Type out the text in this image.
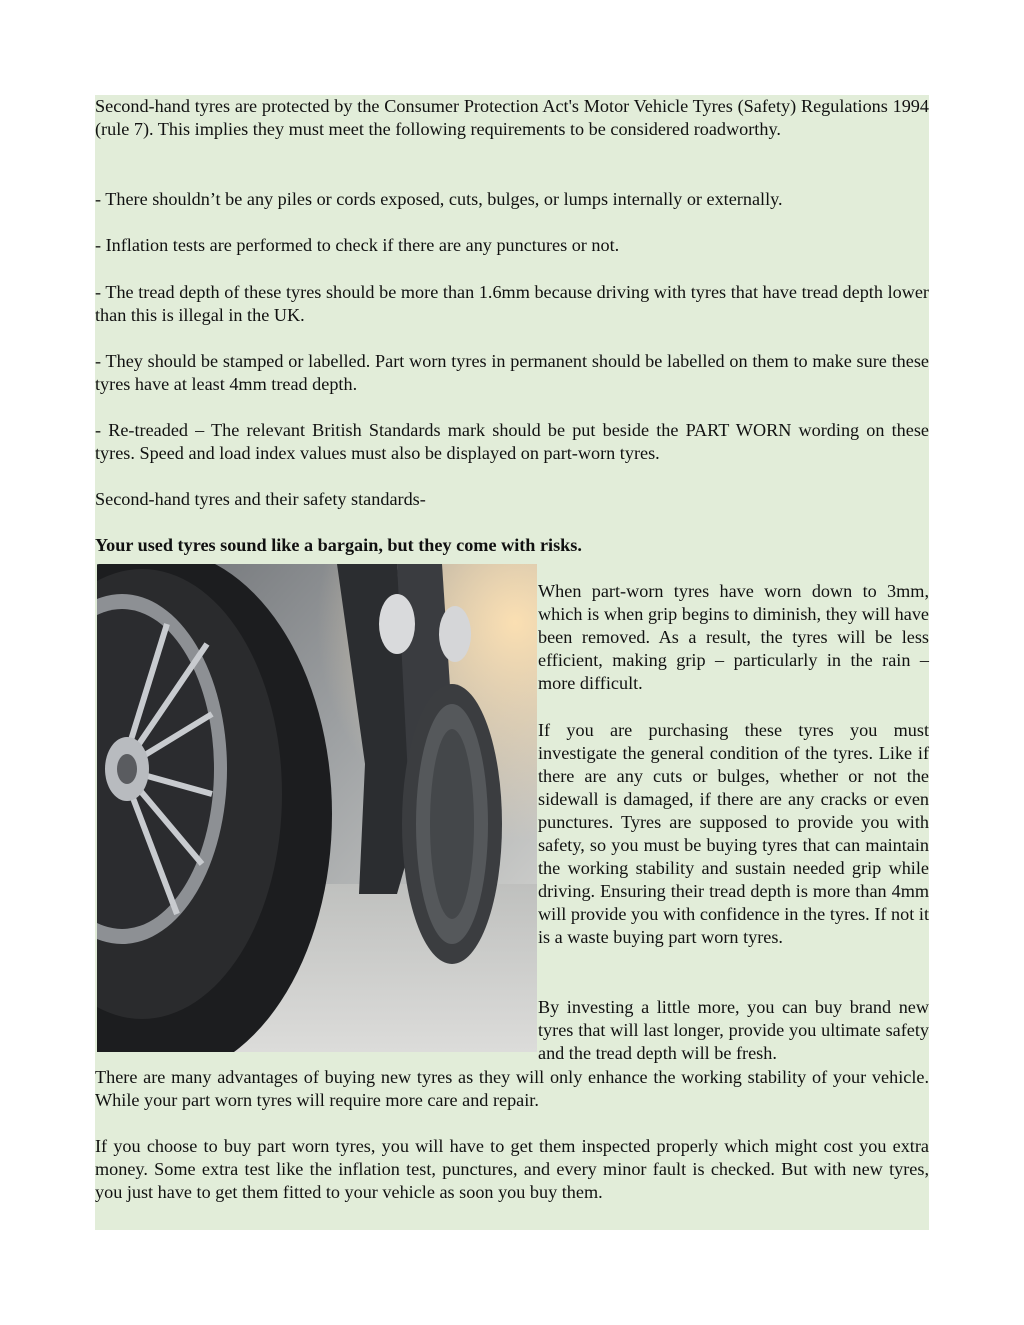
Second-hand tyres are protected by the Consumer Protection Act's Motor Vehicle Tyres (Safety) Regulations 1994 (rule 7). This implies they must meet the following requirements to be considered roadworthy.

- There shouldn’t be any piles or cords exposed, cuts, bulges, or lumps internally or externally.

- Inflation tests are performed to check if there are any punctures or not.

- The tread depth of these tyres should be more than 1.6mm because driving with tyres that have tread depth lower than this is illegal in the UK.

- They should be stamped or labelled. Part worn tyres in permanent should be labelled on them to make sure these tyres have at least 4mm tread depth.

- Re-treaded – The relevant British Standards mark should be put beside the PART WORN wording on these tyres. Speed and load index values must also be displayed on part-worn tyres.

Second-hand tyres and their safety standards-

Your used tyres sound like a bargain, but they come with risks.

When part-worn tyres have worn down to 3mm, which is when grip begins to diminish, they will have been removed. As a result, the tyres will be less efficient, making grip – particularly in the rain – more difficult.

If you are purchasing these tyres you must investigate the general condition of the tyres. Like if there are any cuts or bulges, whether or not the sidewall is damaged, if there are any cracks or even punctures. Tyres are supposed to provide you with safety, so you must be buying tyres that can maintain the working stability and sustain needed grip while driving. Ensuring their tread depth is more than 4mm will provide you with confidence in the tyres. If not it is a waste buying part worn tyres.

By investing a little more, you can buy brand new tyres that will last longer, provide you ultimate safety and the tread depth will be fresh.

There are many advantages of buying new tyres as they will only enhance the working stability of your vehicle. While your part worn tyres will require more care and repair.

If you choose to buy part worn tyres, you will have to get them inspected properly which might cost you extra money. Some extra test like the inflation test, punctures, and every minor fault is checked. But with new tyres, you just have to get them fitted to your vehicle as soon you buy them.
